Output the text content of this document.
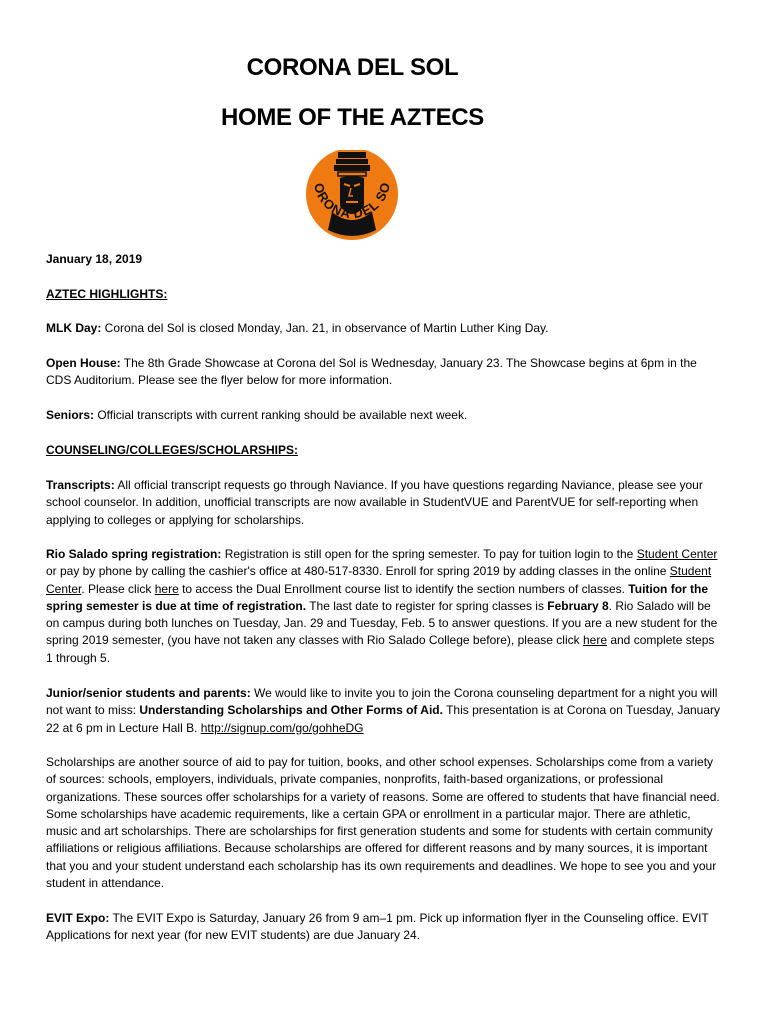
CORONA DEL SOL
HOME OF THE AZTECS
ORONA DEL SO

January 18, 2019

AZTEC HIGHLIGHTS:

MLK Day: Corona del Sol is closed Monday, Jan. 21, in observance of Martin Luther King Day.

Open House: The 8th Grade Showcase at Corona del Sol is Wednesday, January 23. The Showcase begins at 6pm in the CDS Auditorium. Please see the flyer below for more information.

Seniors: Official transcripts with current ranking should be available next week.

COUNSELING/COLLEGES/SCHOLARSHIPS:

Transcripts: All official transcript requests go through Naviance. If you have questions regarding Naviance, please see your school counselor. In addition, unofficial transcripts are now available in StudentVUE and ParentVUE for self-reporting when applying to colleges or applying for scholarships.

Rio Salado spring registration: Registration is still open for the spring semester. To pay for tuition login to the Student Center or pay by phone by calling the cashier's office at 480-517-8330. Enroll for spring 2019 by adding classes in the online Student Center. Please click here to access the Dual Enrollment course list to identify the section numbers of classes. Tuition for the spring semester is due at time of registration. The last date to register for spring classes is February 8. Rio Salado will be on campus during both lunches on Tuesday, Jan. 29 and Tuesday, Feb. 5 to answer questions. If you are a new student for the spring 2019 semester, (you have not taken any classes with Rio Salado College before), please click here and complete steps 1 through 5.

Junior/senior students and parents: We would like to invite you to join the Corona counseling department for a night you will not want to miss: Understanding Scholarships and Other Forms of Aid. This presentation is at Corona on Tuesday, January 22 at 6 pm in Lecture Hall B. http://signup.com/go/gohheDG

Scholarships are another source of aid to pay for tuition, books, and other school expenses. Scholarships come from a variety of sources: schools, employers, individuals, private companies, nonprofits, faith-based organizations, or professional organizations. These sources offer scholarships for a variety of reasons. Some are offered to students that have financial need. Some scholarships have academic requirements, like a certain GPA or enrollment in a particular major. There are athletic, music and art scholarships. There are scholarships for first generation students and some for students with certain community affiliations or religious affiliations. Because scholarships are offered for different reasons and by many sources, it is important that you and your student understand each scholarship has its own requirements and deadlines. We hope to see you and your student in attendance.

EVIT Expo: The EVIT Expo is Saturday, January 26 from 9 am–1 pm. Pick up information flyer in the Counseling office. EVIT Applications for next year (for new EVIT students) are due January 24.
